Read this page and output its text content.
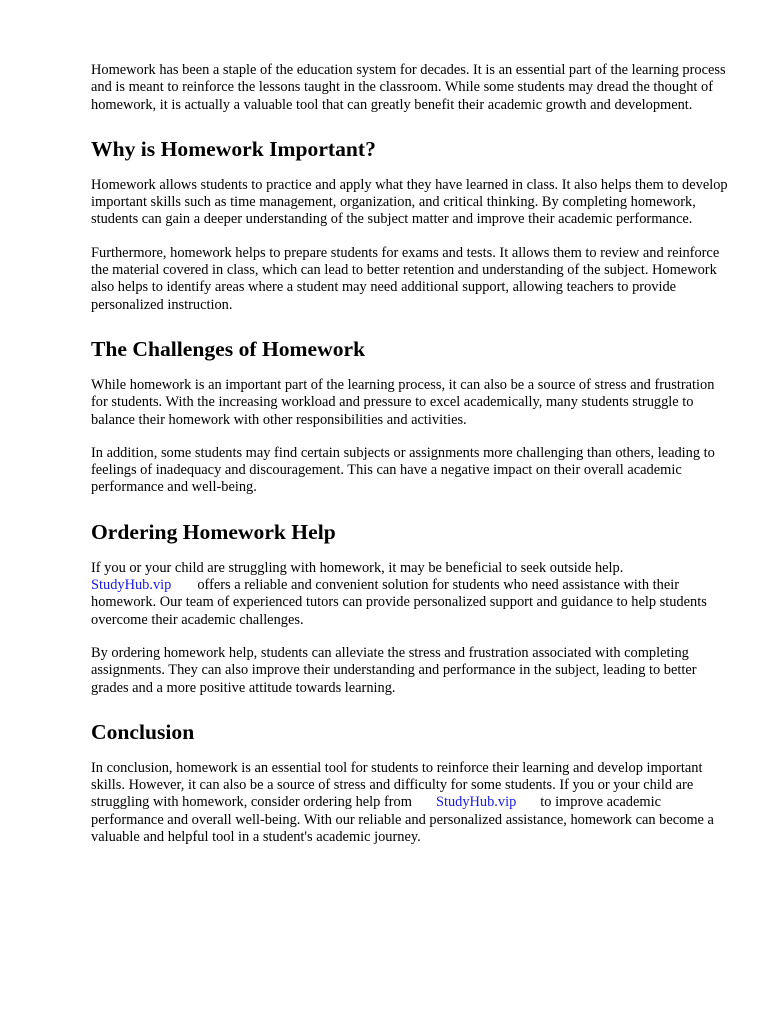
Homework has been a staple of the education system for decades. It is an essential part of the learning process and is meant to reinforce the lessons taught in the classroom. While some students may dread the thought of homework, it is actually a valuable tool that can greatly benefit their academic growth and development.

Why is Homework Important?

Homework allows students to practice and apply what they have learned in class. It also helps them to develop important skills such as time management, organization, and critical thinking. By completing homework, students can gain a deeper understanding of the subject matter and improve their academic performance.

Furthermore, homework helps to prepare students for exams and tests. It allows them to review and reinforce the material covered in class, which can lead to better retention and understanding of the subject. Homework also helps to identify areas where a student may need additional support, allowing teachers to provide personalized instruction.

The Challenges of Homework

While homework is an important part of the learning process, it can also be a source of stress and frustration for students. With the increasing workload and pressure to excel academically, many students struggle to balance their homework with other responsibilities and activities.

In addition, some students may find certain subjects or assignments more challenging than others, leading to feelings of inadequacy and discouragement. This can have a negative impact on their overall academic performance and well-being.

Ordering Homework Help

If you or your child are struggling with homework, it may be beneficial to seek outside help.
StudyHub.vip offers a reliable and convenient solution for students who need assistance with their homework. Our team of experienced tutors can provide personalized support and guidance to help students overcome their academic challenges.

By ordering homework help, students can alleviate the stress and frustration associated with completing assignments. They can also improve their understanding and performance in the subject, leading to better grades and a more positive attitude towards learning.

Conclusion

In conclusion, homework is an essential tool for students to reinforce their learning and develop important skills. However, it can also be a source of stress and difficulty for some students. If you or your child are struggling with homework, consider ordering help from StudyHub.vip to improve academic performance and overall well-being. With our reliable and personalized assistance, homework can become a valuable and helpful tool in a student's academic journey.
